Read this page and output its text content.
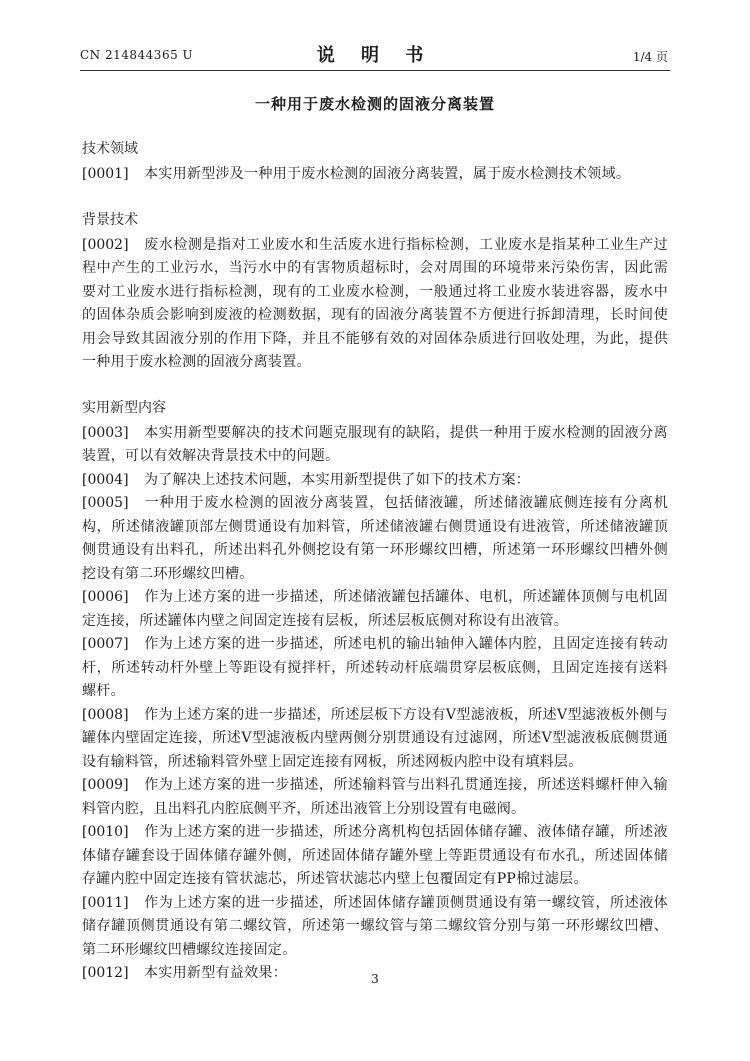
CN 214844365 U	说 明 书	1/4 页
一种用于废水检测的固液分离装置
技术领域
[0001] 本实用新型涉及一种用于废水检测的固液分离装置，属于废水检测技术领域。
背景技术
[0002] 废水检测是指对工业废水和生活废水进行指标检测，工业废水是指某种工业生产过程中产生的工业污水，当污水中的有害物质超标时，会对周围的环境带来污染伤害，因此需要对工业废水进行指标检测，现有的工业废水检测，一般通过将工业废水装进容器，废水中的固体杂质会影响到废液的检测数据，现有的固液分离装置不方便进行拆卸清理，长时间使用会导致其固液分别的作用下降，并且不能够有效的对固体杂质进行回收处理，为此，提供一种用于废水检测的固液分离装置。
实用新型内容
[0003] 本实用新型要解决的技术问题克服现有的缺陷，提供一种用于废水检测的固液分离装置，可以有效解决背景技术中的问题。
[0004] 为了解决上述技术问题，本实用新型提供了如下的技术方案：
[0005] 一种用于废水检测的固液分离装置，包括储液罐，所述储液罐底侧连接有分离机构，所述储液罐顶部左侧贯通设有加料管，所述储液罐右侧贯通设有进液管，所述储液罐顶侧贯通设有出料孔，所述出料孔外侧挖设有第一环形螺纹凹槽，所述第一环形螺纹凹槽外侧挖设有第二环形螺纹凹槽。
[0006] 作为上述方案的进一步描述，所述储液罐包括罐体、电机，所述罐体顶侧与电机固定连接，所述罐体内壁之间固定连接有层板，所述层板底侧对称设有出液管。
[0007] 作为上述方案的进一步描述，所述电机的输出轴伸入罐体内腔，且固定连接有转动杆，所述转动杆外壁上等距设有搅拌杆，所述转动杆底端贯穿层板底侧，且固定连接有送料螺杆。
[0008] 作为上述方案的进一步描述，所述层板下方设有V型滤液板，所述V型滤液板外侧与罐体内壁固定连接，所述V型滤液板内壁两侧分别贯通设有过滤网，所述V型滤液板底侧贯通设有输料管，所述输料管外壁上固定连接有网板，所述网板内腔中设有填料层。
[0009] 作为上述方案的进一步描述，所述输料管与出料孔贯通连接，所述送料螺杆伸入输料管内腔，且出料孔内腔底侧平齐，所述出液管上分别设置有电磁阀。
[0010] 作为上述方案的进一步描述，所述分离机构包括固体储存罐、液体储存罐，所述液体储存罐套设于固体储存罐外侧，所述固体储存罐外壁上等距贯通设有布水孔，所述固体储存罐内腔中固定连接有管状滤芯，所述管状滤芯内壁上包覆固定有PP棉过滤层。
[0011] 作为上述方案的进一步描述，所述固体储存罐顶侧贯通设有第一螺纹管，所述液体储存罐顶侧贯通设有第二螺纹管，所述第一螺纹管与第二螺纹管分别与第一环形螺纹凹槽、第二环形螺纹凹槽螺纹连接固定。
[0012] 本实用新型有益效果：	3
